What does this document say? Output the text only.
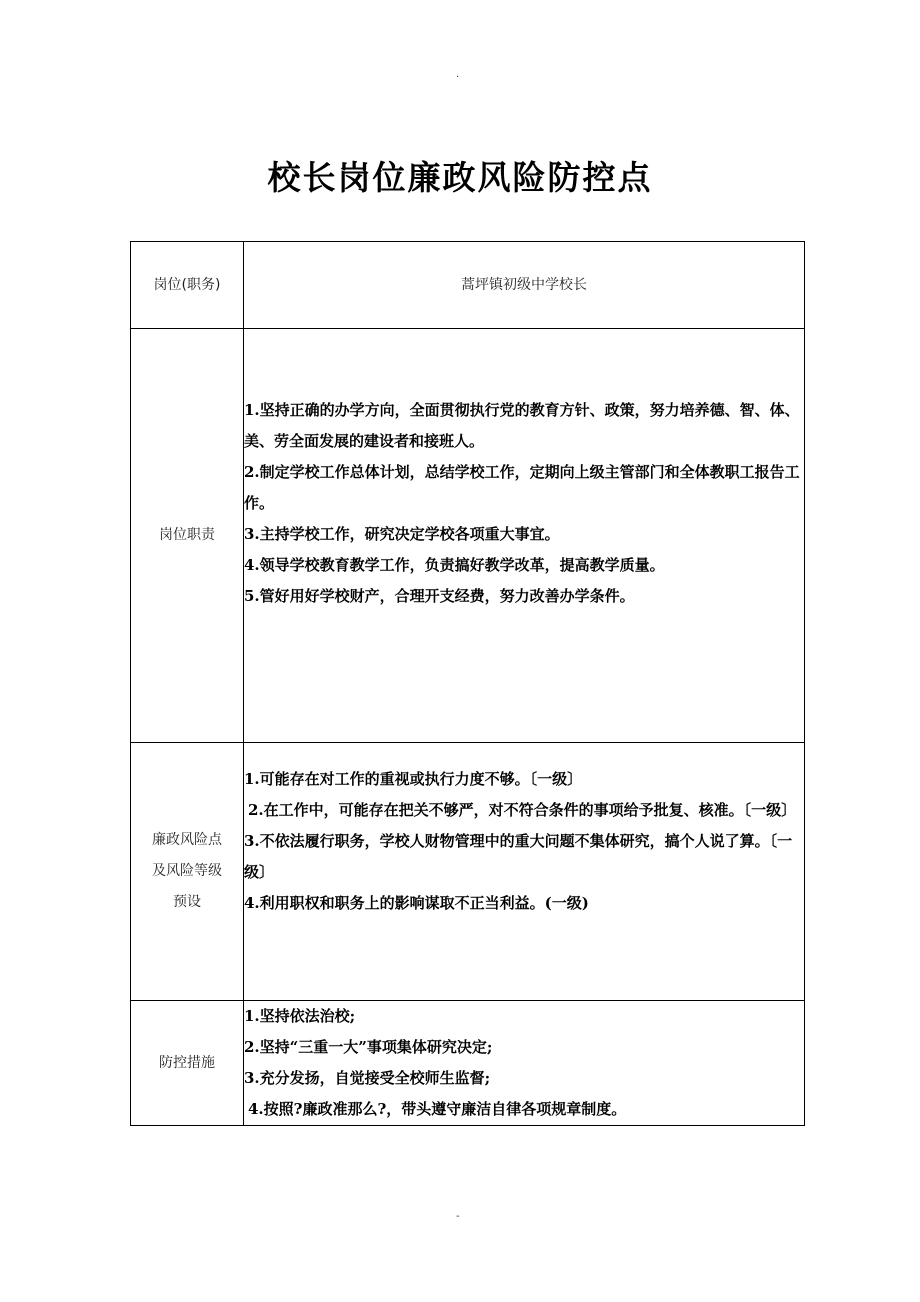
.
校长岗位廉政风险防控点
岗位(职务)	蒿坪镇初级中学校长
岗位职责	1.坚持正确的办学方向，全面贯彻执行党的教育方针、政策，努力培养德、智、体、美、劳全面发展的建设者和接班人。
2.制定学校工作总体计划，总结学校工作，定期向上级主管部门和全体教职工报告工作。
3.主持学校工作，研究决定学校各项重大事宜。
4.领导学校教育教学工作，负责搞好教学改革，提高教学质量。
5.管好用好学校财产，合理开支经费，努力改善办学条件。

廉政风险点
及风险等级
预设	1.可能存在对工作的重视或执行力度不够。〔一级〕
2.在工作中，可能存在把关不够严，对不符合条件的事项给予批复、核准。〔一级〕
3.不依法履行职务，学校人财物管理中的重大问题不集体研究，搞个人说了算。〔一级〕
4.利用职权和职务上的影响谋取不正当利益。(一级)

防控措施	1.坚持依法治校;
2.坚持“三重一大”事项集体研究决定;
3.充分发扬，自觉接受全校师生监督;
4.按照?廉政准那么?，带头遵守廉洁自律各项规章制度。
-
